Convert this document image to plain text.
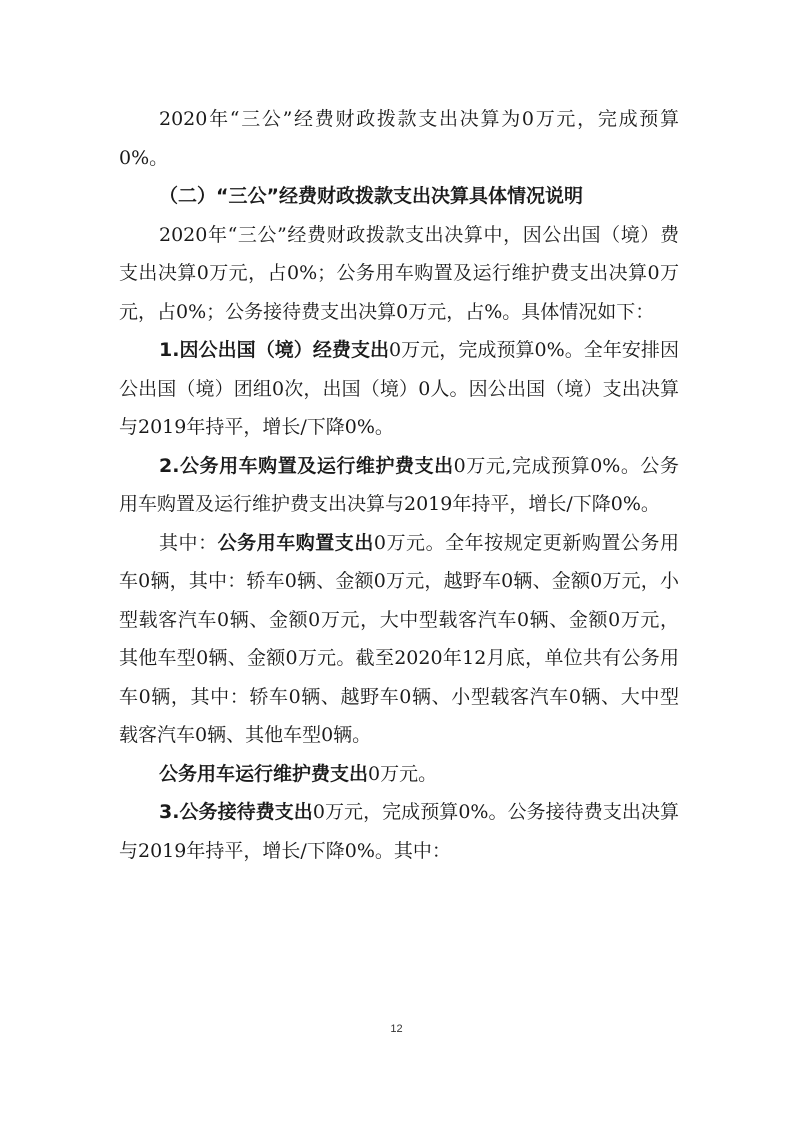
2020年“三公”经费财政拨款支出决算为0万元，完成预算0%。

（二）“三公”经费财政拨款支出决算具体情况说明

2020年“三公”经费财政拨款支出决算中，因公出国（境）费支出决算0万元，占0%；公务用车购置及运行维护费支出决算0万元，占0%；公务接待费支出决算0万元，占%。具体情况如下：

1.因公出国（境）经费支出0万元，完成预算0%。全年安排因公出国（境）团组0次，出国（境）0人。因公出国（境）支出决算与2019年持平，增长/下降0%。

2.公务用车购置及运行维护费支出0万元,完成预算0%。公务用车购置及运行维护费支出决算与2019年持平，增长/下降0%。

其中：公务用车购置支出0万元。全年按规定更新购置公务用车0辆，其中：轿车0辆、金额0万元，越野车0辆、金额0万元，小型载客汽车0辆、金额0万元，大中型载客汽车0辆、金额0万元，其他车型0辆、金额0万元。截至2020年12月底，单位共有公务用车0辆，其中：轿车0辆、越野车0辆、小型载客汽车0辆、大中型载客汽车0辆、其他车型0辆。

公务用车运行维护费支出0万元。

3.公务接待费支出0万元，完成预算0%。公务接待费支出决算与2019年持平，增长/下降0%。其中：

12
